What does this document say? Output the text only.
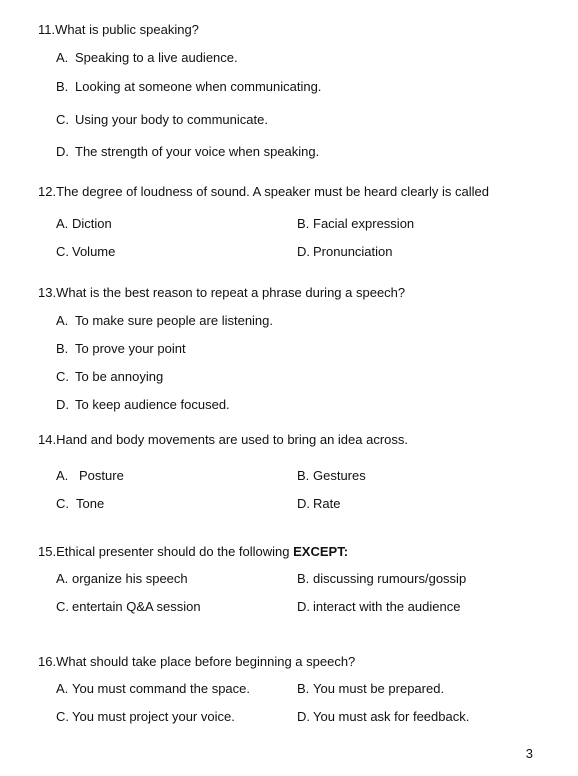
11.What is public speaking?
A. Speaking to a live audience.
B. Looking at someone when communicating.
C. Using your body to communicate.
D. The strength of your voice when speaking.
12.The degree of loudness of sound. A speaker must be heard clearly is called
A. Diction	B. Facial expression
C. Volume	D. Pronunciation
13.What is the best reason to repeat a phrase during a speech?
A. To make sure people are listening.
B. To prove your point
C. To be annoying
D. To keep audience focused.
14.Hand and body movements are used to bring an idea across.
A. Posture	B. Gestures
C. Tone	D. Rate
15.Ethical presenter should do the following EXCEPT:
A. organize his speech	B. discussing rumours/gossip
C. entertain Q&A session	D. interact with the audience
16.What should take place before beginning a speech?
A. You must command the space.	B. You must be prepared.
C. You must project your voice.	D. You must ask for feedback.
3
